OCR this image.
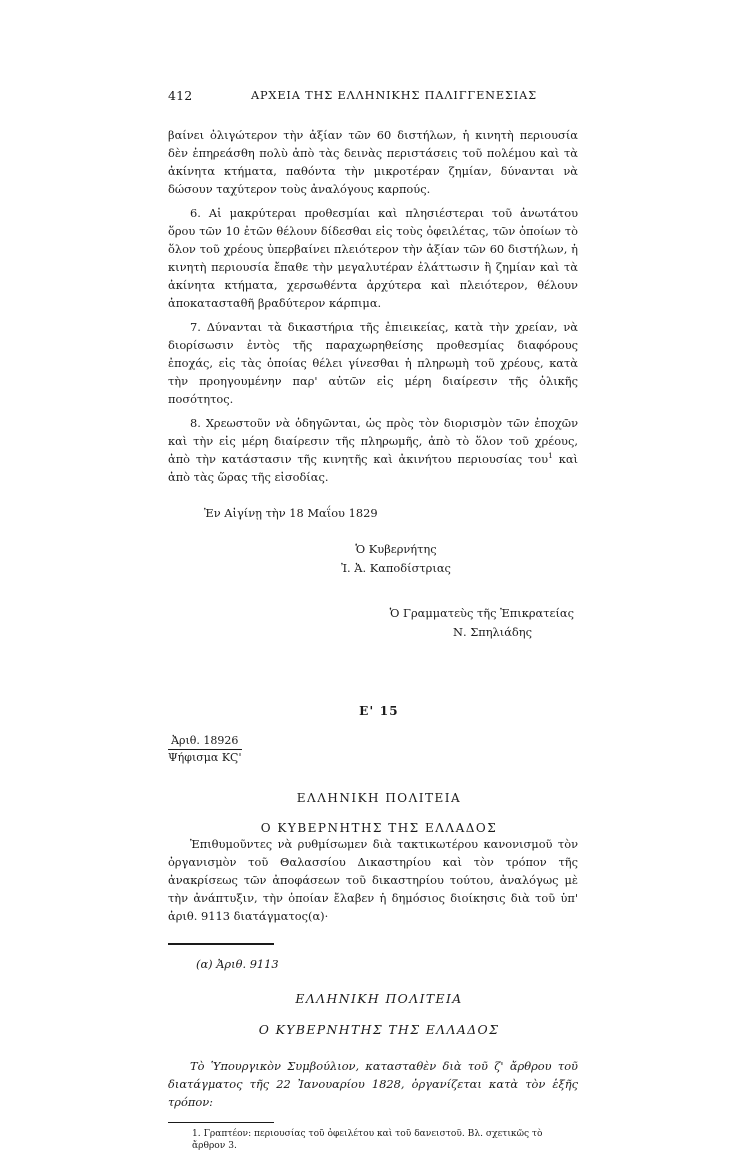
412	ΑΡΧΕΙΑ ΤΗΣ ΕΛΛΗΝΙΚΗΣ ΠΑΛΙΓΓΕΝΕΣΙΑΣ

βαίνει ὀλιγώτερον τὴν ἀξίαν τῶν 60 διστήλων, ἡ κινητὴ περιουσία δὲν ἐπηρεάσθη πολὺ ἀπὸ τὰς δεινὰς περιστάσεις τοῦ πολέμου καὶ τὰ ἀκίνητα κτήματα, παθόντα τὴν μικροτέραν ζημίαν, δύνανται νὰ δώσουν ταχύτερον τοὺς ἀναλόγους καρπούς.

6. Αἱ μακρύτεραι προθεσμίαι καὶ πλησιέστεραι τοῦ ἀνωτάτου ὅρου τῶν 10 ἐτῶν θέλουν δίδεσθαι εἰς τοὺς ὀφειλέτας, τῶν ὁποίων τὸ ὅλον τοῦ χρέους ὑπερβαίνει πλειότερον τὴν ἀξίαν τῶν 60 διστήλων, ἡ κινητὴ περιουσία ἔπαθε τὴν μεγαλυτέραν ἐλάττωσιν ἢ ζημίαν καὶ τὰ ἀκίνητα κτήματα, χερσωθέντα ἀρχύτερα καὶ πλειότερον, θέλουν ἀποκατασταθῆ βραδύτερον κάρπιμα.

7. Δύνανται τὰ δικαστήρια τῆς ἐπιεικείας, κατὰ τὴν χρείαν, νὰ διορίσωσιν ἐντὸς τῆς παραχωρηθείσης προθεσμίας διαφόρους ἐποχάς, εἰς τὰς ὁποίας θέλει γίνεσθαι ἡ πληρωμὴ τοῦ χρέους, κατὰ τὴν προηγουμένην παρ' αὐτῶν εἰς μέρη διαίρεσιν τῆς ὁλικῆς ποσότητος.

8. Χρεωστοῦν νὰ ὁδηγῶνται, ὡς πρὸς τὸν διορισμὸν τῶν ἐποχῶν καὶ τὴν εἰς μέρη διαίρεσιν τῆς πληρωμῆς, ἀπὸ τὸ ὅλον τοῦ χρέους, ἀπὸ τὴν κατάστασιν τῆς κινητῆς καὶ ἀκινήτου περιουσίας του$^1$ καὶ ἀπὸ τὰς ὥρας τῆς εἰσοδίας.

Ἐν Αἰγίνῃ τὴν 18 Μαΐου 1829
Ὁ Κυβερνήτης
Ἰ. Ἀ. Καποδίστριας
Ὁ Γραμματεὺς τῆς Ἐπικρατείας
Ν. Σπηλιάδης
Ε' 15
Ἀριθ. 18926
Ψήφισμα ΚϚ'
ΕΛΛΗΝΙΚΗ ΠΟΛΙΤΕΙΑ
Ο ΚΥΒΕΡΝΗΤΗΣ ΤΗΣ ΕΛΛΑΔΟΣ

Ἐπιθυμοῦντες νὰ ρυθμίσωμεν διὰ τακτικωτέρου κανονισμοῦ τὸν ὀργανισμὸν τοῦ Θαλασσίου Δικαστηρίου καὶ τὸν τρόπον τῆς ἀνακρίσεως τῶν ἀποφάσεων τοῦ δικαστηρίου τούτου, ἀναλόγως μὲ τὴν ἀνάπτυξιν, τὴν ὁποίαν ἔλαβεν ἡ δημόσιος διοίκησις διὰ τοῦ ὑπ' ἀριθ. 9113 διατάγματος(α)·

(α) Ἀριθ. 9113
ΕΛΛΗΝΙΚΗ ΠΟΛΙΤΕΙΑ
Ο ΚΥΒΕΡΝΗΤΗΣ ΤΗΣ ΕΛΛΑΔΟΣ

Τὸ Ὑπουργικὸν Συμβούλιον, κατασταθὲν διὰ τοῦ ζ' ἄρθρου τοῦ διατάγματος τῆς 22 Ἰανουαρίου 1828, ὀργανίζεται κατὰ τὸν ἑξῆς τρόπον:

1. Γραπτέον: περιουσίας τοῦ ὀφειλέτου καὶ τοῦ δανειστοῦ. Βλ. σχετικῶς τὸ ἄρθρον 3.
